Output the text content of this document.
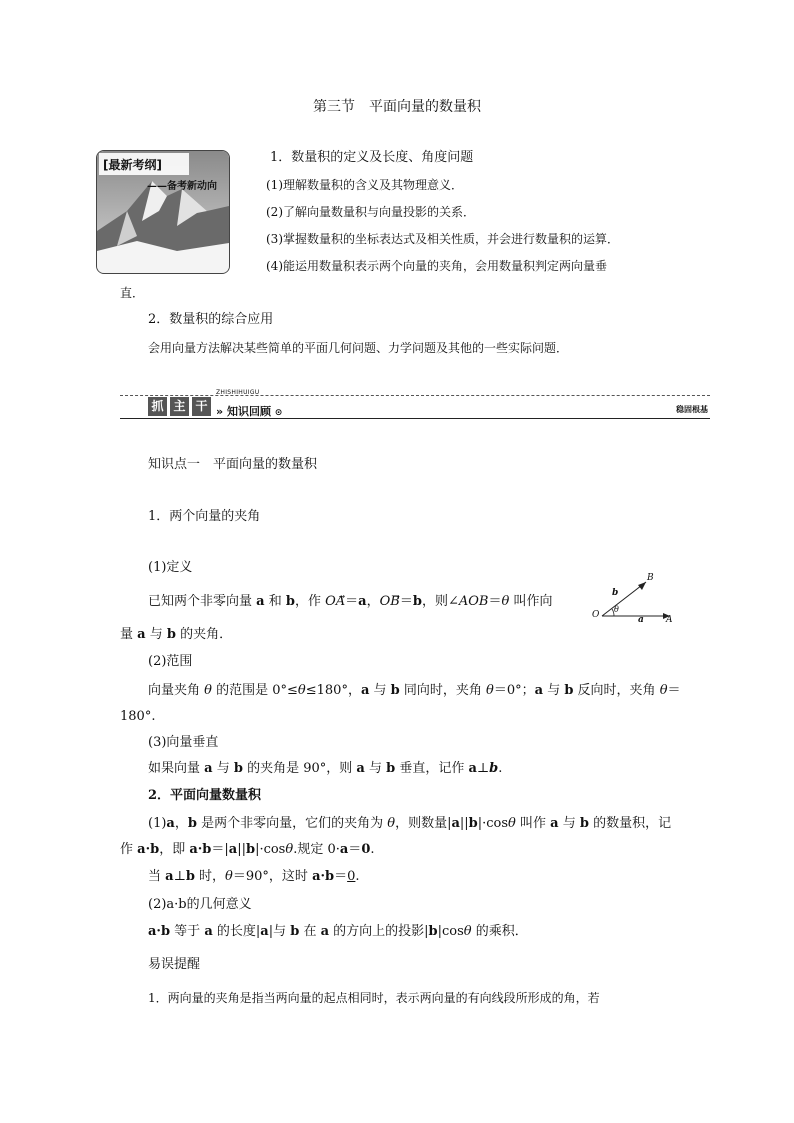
第三节　平面向量的数量积
[最新考纲]
——备考新动向
1．数量积的定义及长度、角度问题
(1)理解数量积的含义及其物理意义．
(2)了解向量数量积与向量投影的关系．
(3)掌握数量积的坐标表达式及相关性质，并会进行数量积的运算．
(4)能运用数量积表示两个向量的夹角，会用数量积判定两向量垂
直．
2．数量积的综合应用
会用向量方法解决某些简单的平面几何问题、力学问题及其他的一些实际问题．
抓 主 干
ZHISHIHUIGU
» 知识回顾 ⊙	稳固根基
知识点一　平面向量的数量积
1．两个向量的夹角
(1)定义
已知两个非零向量 a 和 b，作 OA⃗＝a，OB⃗＝b，则∠AOB＝θ 叫作向
量 a 与 b 的夹角．
B
b
θ
O	a A
(2)范围
向量夹角 θ 的范围是 0°≤θ≤180°，a 与 b 同向时，夹角 θ＝0°；a 与 b 反向时，夹角 θ＝
180°.
(3)向量垂直
如果向量 a 与 b 的夹角是 90°，则 a 与 b 垂直，记作 a⊥b.
2．平面向量数量积
(1)a，b 是两个非零向量，它们的夹角为 θ，则数量|a||b|·cosθ 叫作 a 与 b 的数量积，记
作 a·b，即 a·b＝|a||b|·cosθ.规定 0·a＝0.
当 a⊥b 时，θ＝90°，这时 a·b＝0.
(2)a·b的几何意义
a·b 等于 a 的长度|a|与 b 在 a 的方向上的投影|b|cosθ 的乘积．
易误提醒
1．两向量的夹角是指当两向量的起点相同时，表示两向量的有向线段所形成的角，若
